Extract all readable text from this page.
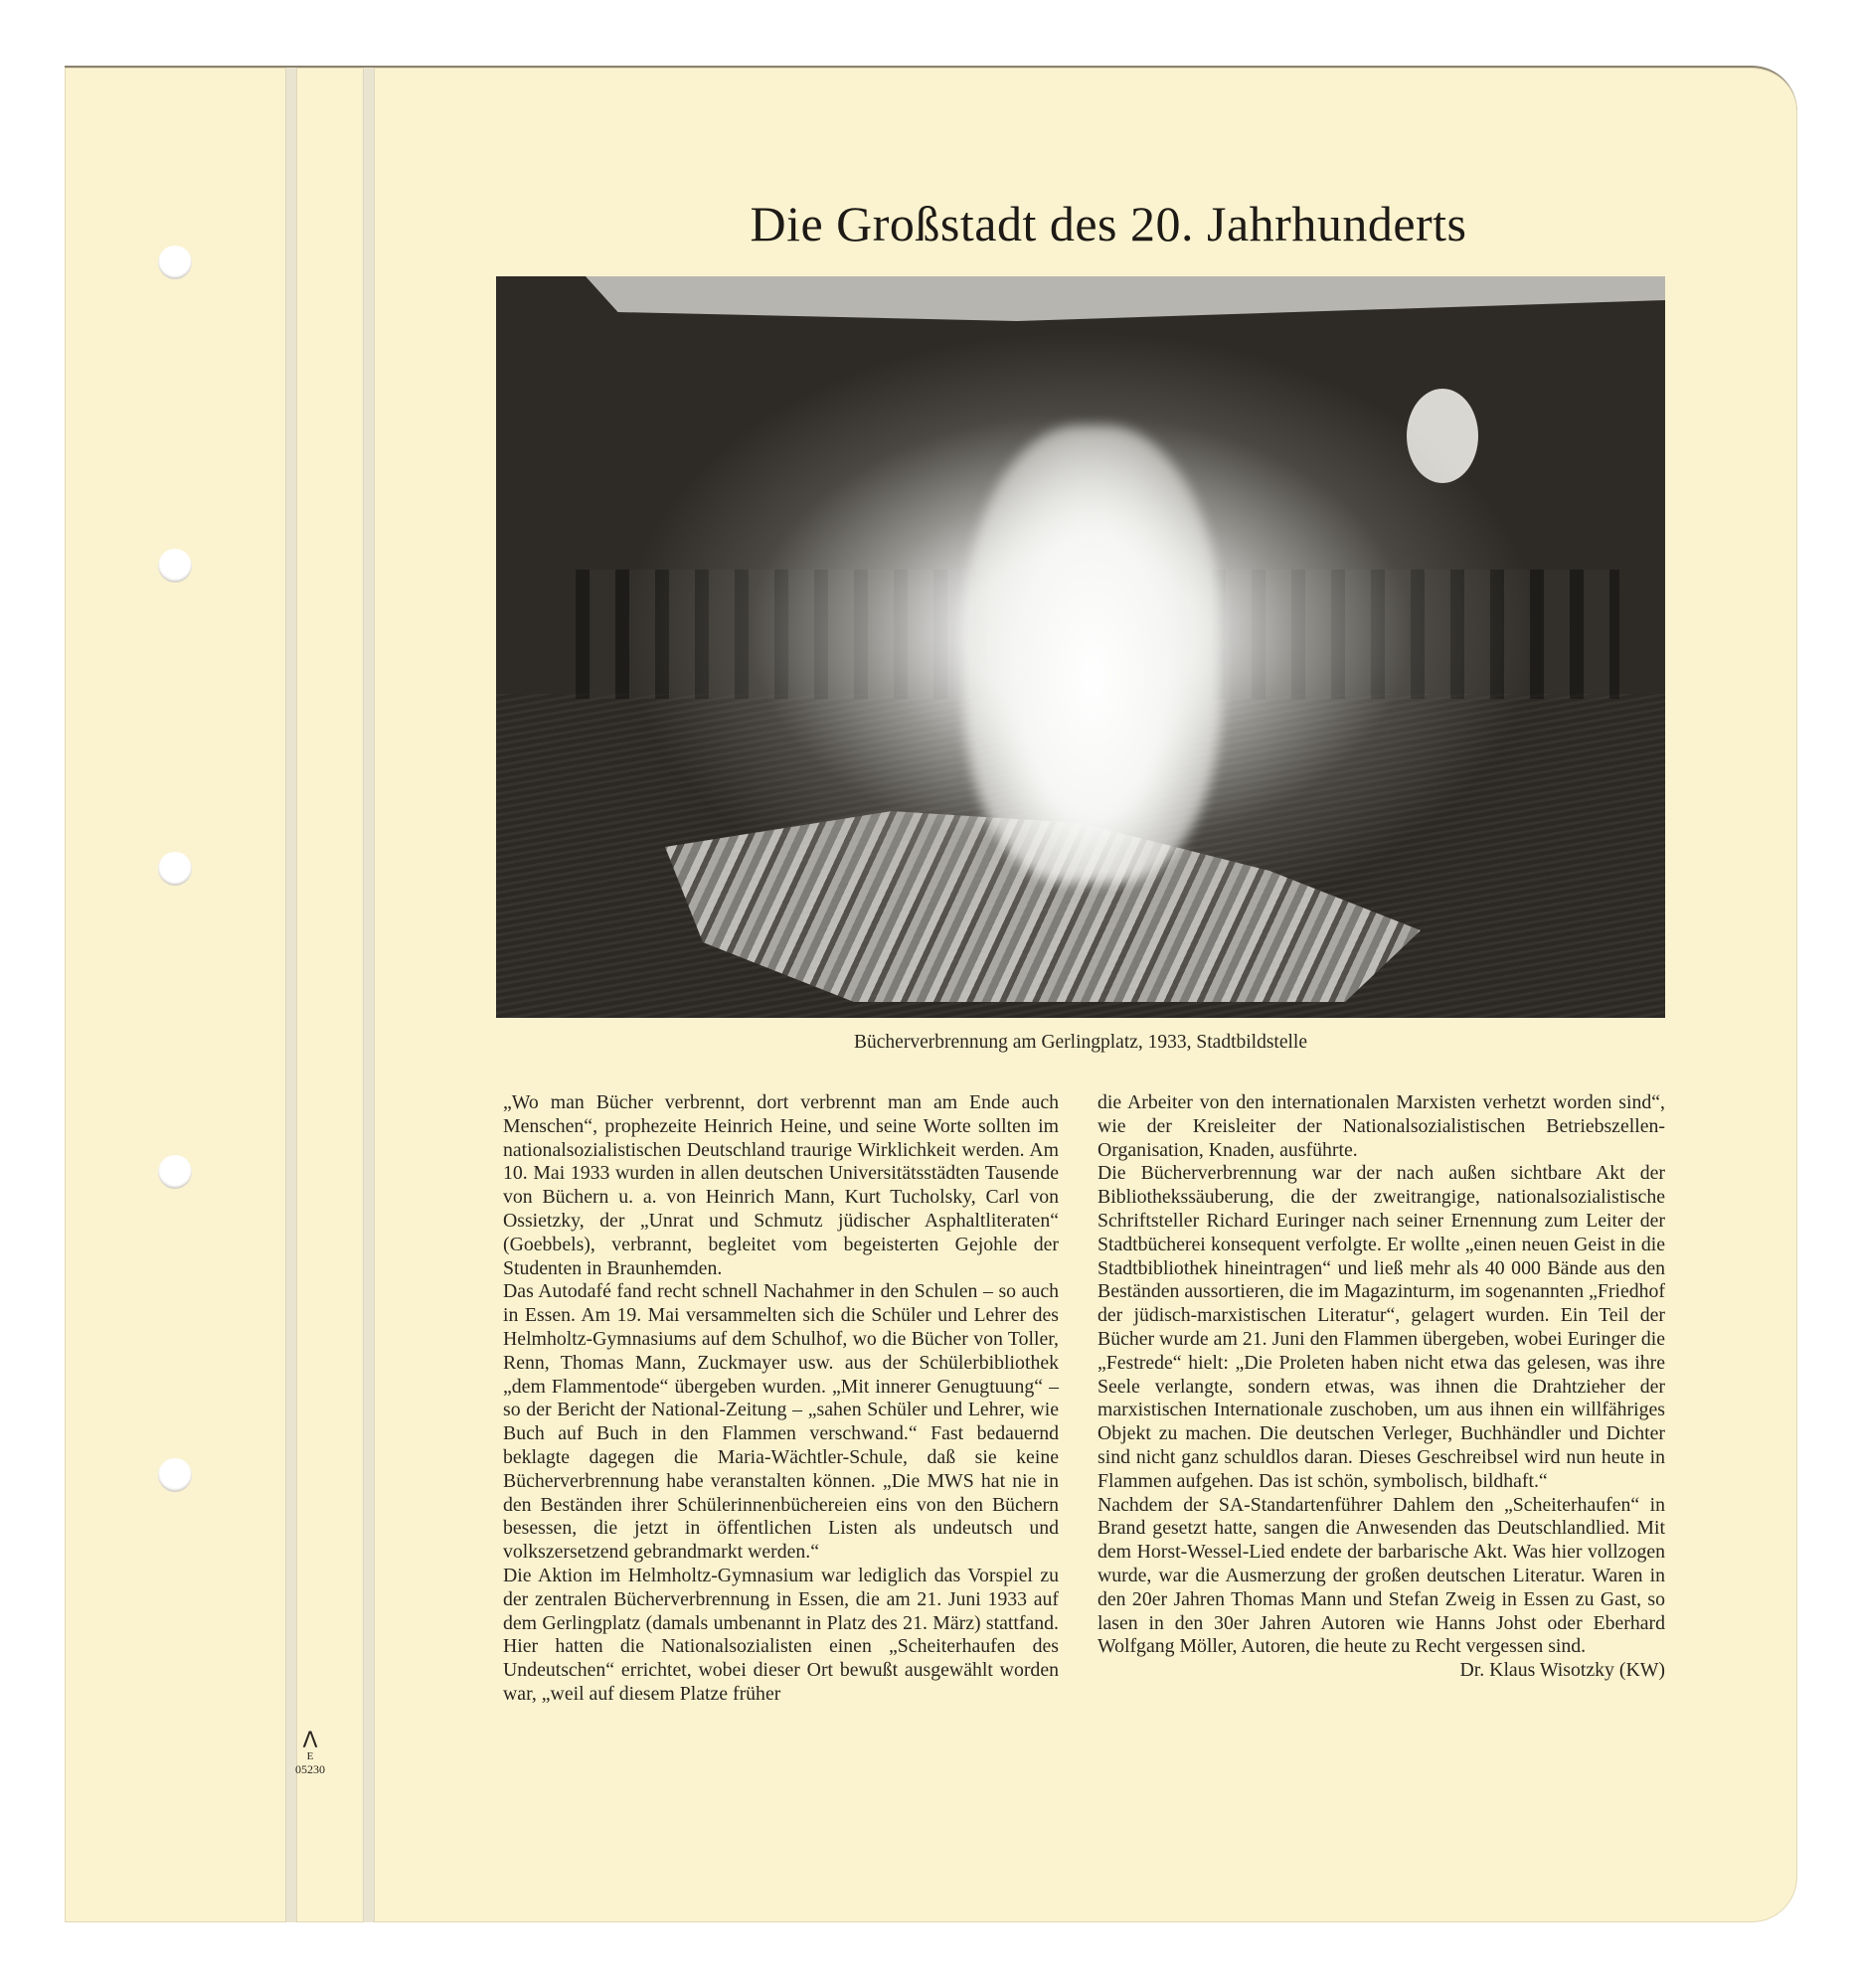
Die Großstadt des 20. Jahrhunderts
Bücherverbrennung am Gerlingplatz, 1933, Stadtbildstelle

„Wo man Bücher verbrennt, dort verbrennt man am Ende auch Menschen“, prophezeite Heinrich Heine, und seine Worte sollten im nationalsozialistischen Deutschland traurige Wirklichkeit werden. Am 10. Mai 1933 wurden in allen deutschen Universitätsstädten Tausende von Büchern u. a. von Heinrich Mann, Kurt Tucholsky, Carl von Ossietzky, der „Unrat und Schmutz jüdischer Asphaltliteraten“ (Goebbels), verbrannt, begleitet vom begeisterten Gejohle der Studenten in Braunhemden.

Das Autodafé fand recht schnell Nachahmer in den Schulen – so auch in Essen. Am 19. Mai versammelten sich die Schüler und Lehrer des Helmholtz-Gymnasiums auf dem Schulhof, wo die Bücher von Toller, Renn, Thomas Mann, Zuckmayer usw. aus der Schülerbibliothek „dem Flammentode“ übergeben wurden. „Mit innerer Genugtuung“ – so der Bericht der National-Zeitung – „sahen Schüler und Lehrer, wie Buch auf Buch in den Flammen verschwand.“ Fast bedauernd beklagte dagegen die Maria-Wächtler-Schule, daß sie keine Bücherverbrennung habe veranstalten können. „Die MWS hat nie in den Beständen ihrer Schülerinnenbüchereien eins von den Büchern besessen, die jetzt in öffentlichen Listen als undeutsch und volkszersetzend gebrandmarkt werden.“

Die Aktion im Helmholtz-Gymnasium war lediglich das Vorspiel zu der zentralen Bücherverbrennung in Essen, die am 21. Juni 1933 auf dem Gerlingplatz (damals umbenannt in Platz des 21. März) stattfand. Hier hatten die Nationalsozialisten einen „Scheiterhaufen des Undeutschen“ errichtet, wobei dieser Ort bewußt ausgewählt worden war, „weil auf diesem Platze früher

die Arbeiter von den internationalen Marxisten verhetzt worden sind“, wie der Kreisleiter der Nationalsozialistischen Betriebszellen-Organisation, Knaden, ausführte.

Die Bücherverbrennung war der nach außen sichtbare Akt der Bibliothekssäuberung, die der zweitrangige, nationalsozialistische Schriftsteller Richard Euringer nach seiner Ernennung zum Leiter der Stadtbücherei konsequent verfolgte. Er wollte „einen neuen Geist in die Stadtbibliothek hineintragen“ und ließ mehr als 40 000 Bände aus den Beständen aussortieren, die im Magazinturm, im sogenannten „Friedhof der jüdisch-marxistischen Literatur“, gelagert wurden. Ein Teil der Bücher wurde am 21. Juni den Flammen übergeben, wobei Euringer die „Festrede“ hielt: „Die Proleten haben nicht etwa das gelesen, was ihre Seele verlangte, sondern etwas, was ihnen die Drahtzieher der marxistischen Internationale zuschoben, um aus ihnen ein willfähriges Objekt zu machen. Die deutschen Verleger, Buchhändler und Dichter sind nicht ganz schuldlos daran. Dieses Geschreibsel wird nun heute in Flammen aufgehen. Das ist schön, symbolisch, bildhaft.“

Nachdem der SA-Standartenführer Dahlem den „Scheiterhaufen“ in Brand gesetzt hatte, sangen die Anwesenden das Deutschlandlied. Mit dem Horst-Wessel-Lied endete der barbarische Akt. Was hier vollzogen wurde, war die Ausmerzung der großen deutschen Literatur. Waren in den 20er Jahren Thomas Mann und Stefan Zweig in Essen zu Gast, so lasen in den 30er Jahren Autoren wie Hanns Johst oder Eberhard Wolfgang Möller, Autoren, die heute zu Recht vergessen sind.
Dr. Klaus Wisotzky (KW)

Λ
E
05230
